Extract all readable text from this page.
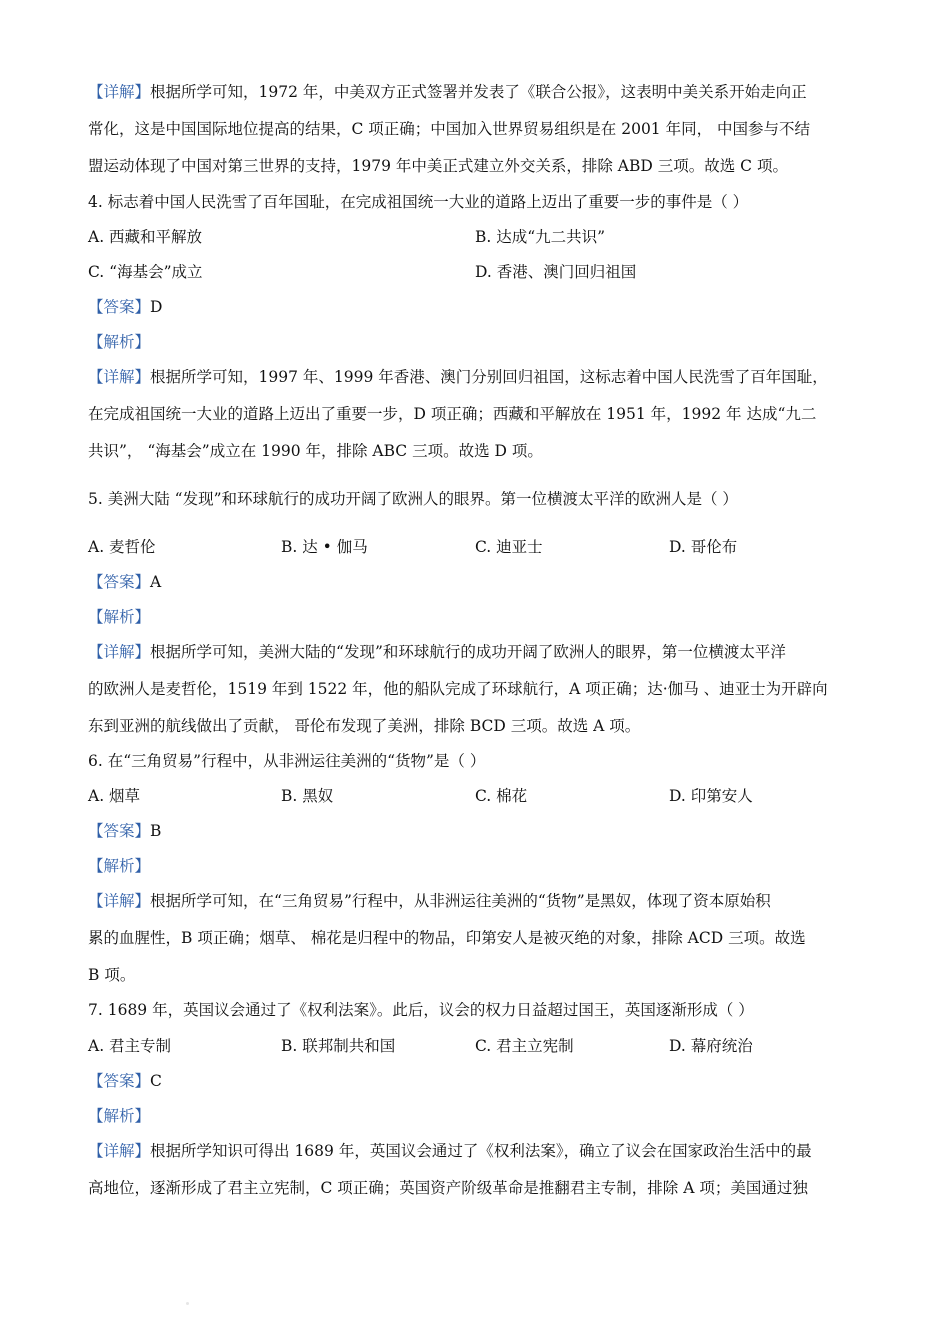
【详解】根据所学可知，1972 年，中美双方正式签署并发表了《联合公报》，这表明中美关系开始走向正
常化，这是中国国际地位提高的结果，C 项正确；中国加入世界贸易组织是在 2001 年同， 中国参与不结
盟运动体现了中国对第三世界的支持，1979 年中美正式建立外交关系，排除 ABD 三项。故选 C 项。
4. 标志着中国人民洗雪了百年国耻，在完成祖国统一大业的道路上迈出了重要一步的事件是（ ）
A. 西藏和平解放	B. 达成“九二共识”
C. “海基会”成立	D. 香港、澳门回归祖国
【答案】D
【解析】
【详解】根据所学可知，1997 年、1999 年香港、澳门分别回归祖国，这标志着中国人民洗雪了百年国耻，
在完成祖国统一大业的道路上迈出了重要一步，D 项正确；西藏和平解放在 1951 年，1992 年 达成“九二
共识”， “海基会”成立在 1990 年，排除 ABC 三项。故选 D 项。
5. 美洲大陆 “发现”和环球航行的成功开阔了欧洲人的眼界。第一位横渡太平洋的欧洲人是（ ）
A. 麦哲伦	B. 达 • 伽马	C. 迪亚士	D. 哥伦布
【答案】A
【解析】
【详解】根据所学可知，美洲大陆的“发现”和环球航行的成功开阔了欧洲人的眼界，第一位横渡太平洋
的欧洲人是麦哲伦，1519 年到 1522 年，他的船队完成了环球航行，A 项正确；达·伽马 、迪亚士为开辟向
东到亚洲的航线做出了贡献， 哥伦布发现了美洲，排除 BCD 三项。故选 A 项。
6. 在“三角贸易”行程中，从非洲运往美洲的“货物”是（ ）
A. 烟草	B. 黑奴	C. 棉花	D. 印第安人
【答案】B
【解析】
【详解】根据所学可知，在“三角贸易”行程中，从非洲运往美洲的“货物”是黑奴，体现了资本原始积
累的血腥性，B 项正确；烟草、 棉花是归程中的物品，印第安人是被灭绝的对象，排除 ACD 三项。故选
B 项。
7. 1689 年，英国议会通过了《权利法案》。此后，议会的权力日益超过国王，英国逐渐形成（ ）
A. 君主专制	B. 联邦制共和国	C. 君主立宪制	D. 幕府统治
【答案】C
【解析】
【详解】根据所学知识可得出 1689 年，英国议会通过了《权利法案》，确立了议会在国家政治生活中的最
高地位，逐渐形成了君主立宪制，C 项正确；英国资产阶级革命是推翻君主专制，排除 A 项；美国通过独
